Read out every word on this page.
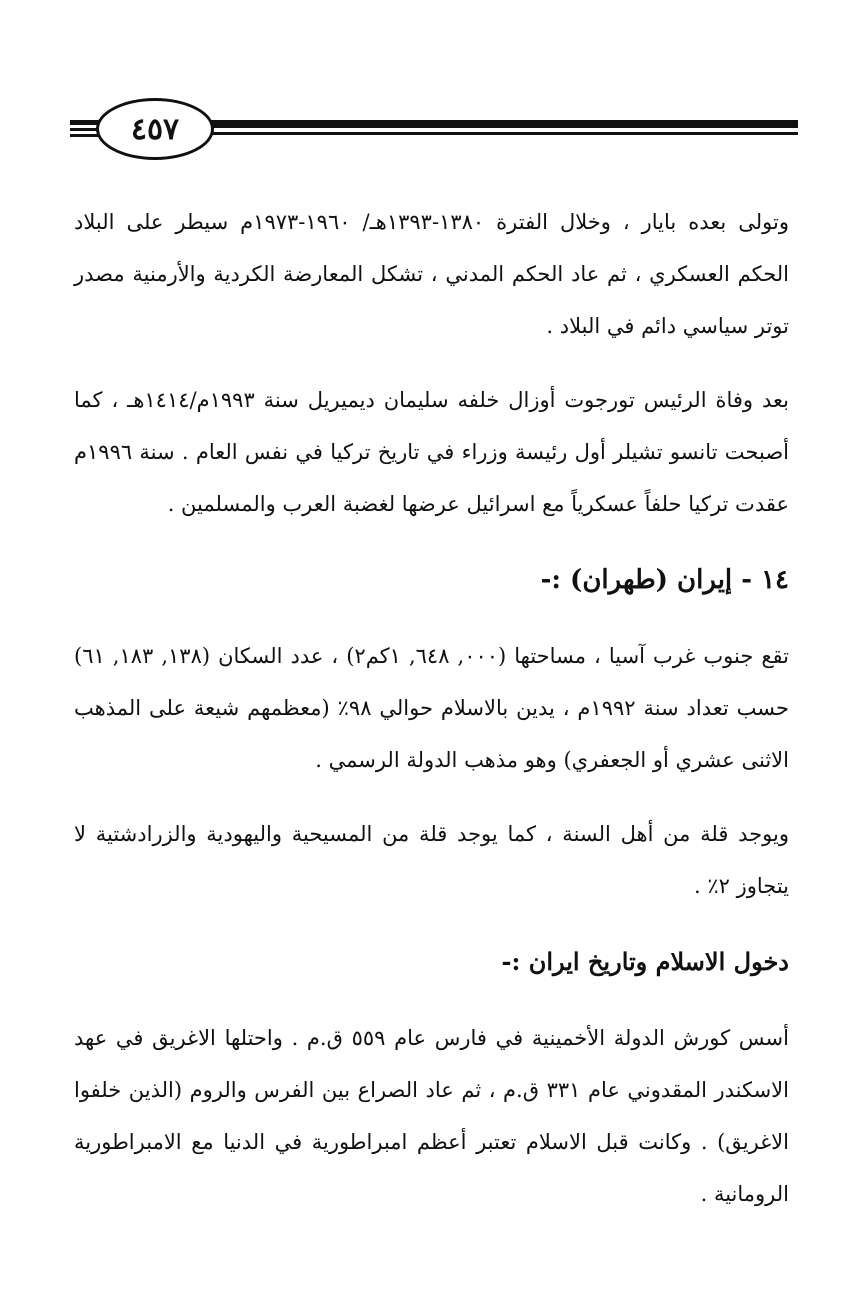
٤٥٧

وتولى بعده بايار ، وخلال الفترة ١٣٨٠-١٣٩٣هـ/ ١٩٦٠-١٩٧٣م سيطر على البلاد الحكم العسكري ، ثم عاد الحكم المدني ، تشكل المعارضة الكردية والأرمنية مصدر توتر سياسي دائم في البلاد .

بعد وفاة الرئيس تورجوت أوزال خلفه سليمان ديميريل سنة ١٩٩٣م/١٤١٤هـ ، كما أصبحت تانسو تشيلر أول رئيسة وزراء في تاريخ تركيا في نفس العام . سنة ١٩٩٦م عقدت تركيا حلفاً عسكرياً مع اسرائيل عرضها لغضبة العرب والمسلمين .

١٤ - إيران (طهران) :-

تقع جنوب غرب آسيا ، مساحتها (٠٠٠, ٦٤٨, ١كم٢) ، عدد السكان (١٣٨, ١٨٣, ٦١) حسب تعداد سنة ١٩٩٢م ، يدين بالاسلام حوالي ٩٨٪ (معظمهم شيعة على المذهب الاثنى عشري أو الجعفري) وهو مذهب الدولة الرسمي .

ويوجد قلة من أهل السنة ، كما يوجد قلة من المسيحية واليهودية والزرادشتية لا يتجاوز ٢٪ .

دخول الاسلام وتاريخ ايران :-

أسس كورش الدولة الأخمينية في فارس عام ٥٥٩ ق.م . واحتلها الاغريق في عهد الاسكندر المقدوني عام ٣٣١ ق.م ، ثم عاد الصراع بين الفرس والروم (الذين خلفوا الاغريق) . وكانت قبل الاسلام تعتبر أعظم امبراطورية في الدنيا مع الامبراطورية الرومانية .
